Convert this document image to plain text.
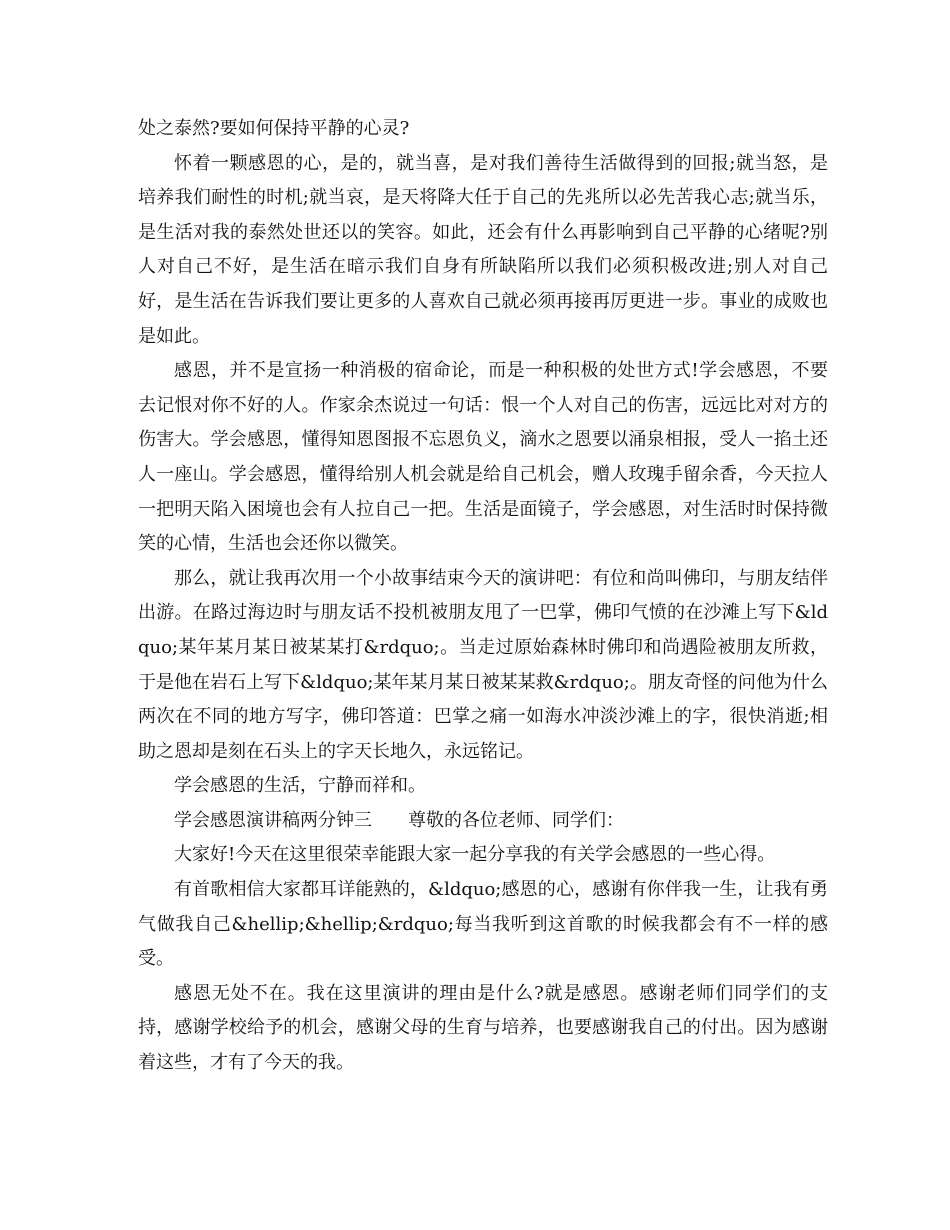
处之泰然?要如何保持平静的心灵?

怀着一颗感恩的心，是的，就当喜，是对我们善待生活做得到的回报;就当怒，是培养我们耐性的时机;就当哀，是天将降大任于自己的先兆所以必先苦我心志;就当乐，是生活对我的泰然处世还以的笑容。如此，还会有什么再影响到自己平静的心绪呢?别人对自己不好，是生活在暗示我们自身有所缺陷所以我们必须积极改进;别人对自己好，是生活在告诉我们要让更多的人喜欢自己就必须再接再厉更进一步。事业的成败也是如此。

感恩，并不是宣扬一种消极的宿命论，而是一种积极的处世方式!学会感恩，不要去记恨对你不好的人。作家余杰说过一句话：恨一个人对自己的伤害，远远比对对方的伤害大。学会感恩，懂得知恩图报不忘恩负义，滴水之恩要以涌泉相报，受人一掐土还人一座山。学会感恩，懂得给别人机会就是给自己机会，赠人玫瑰手留余香，今天拉人一把明天陷入困境也会有人拉自己一把。生活是面镜子，学会感恩，对生活时时保持微笑的心情，生活也会还你以微笑。

那么，就让我再次用一个小故事结束今天的演讲吧：有位和尚叫佛印，与朋友结伴出游。在路过海边时与朋友话不投机被朋友甩了一巴掌，佛印气愤的在沙滩上写下&ldquo;某年某月某日被某某打&rdquo;。当走过原始森林时佛印和尚遇险被朋友所救，于是他在岩石上写下&ldquo;某年某月某日被某某救&rdquo;。朋友奇怪的问他为什么两次在不同的地方写字，佛印答道：巴掌之痛一如海水冲淡沙滩上的字，很快消逝;相助之恩却是刻在石头上的字天长地久，永远铭记。

学会感恩的生活，宁静而祥和。

学会感恩演讲稿两分钟三　　尊敬的各位老师、同学们：

大家好!今天在这里很荣幸能跟大家一起分享我的有关学会感恩的一些心得。

有首歌相信大家都耳详能熟的，&ldquo;感恩的心，感谢有你伴我一生，让我有勇气做我自己&hellip;&hellip;&rdquo;每当我听到这首歌的时候我都会有不一样的感受。

感恩无处不在。我在这里演讲的理由是什么?就是感恩。感谢老师们同学们的支持，感谢学校给予的机会，感谢父母的生育与培养，也要感谢我自己的付出。因为感谢着这些，才有了今天的我。
